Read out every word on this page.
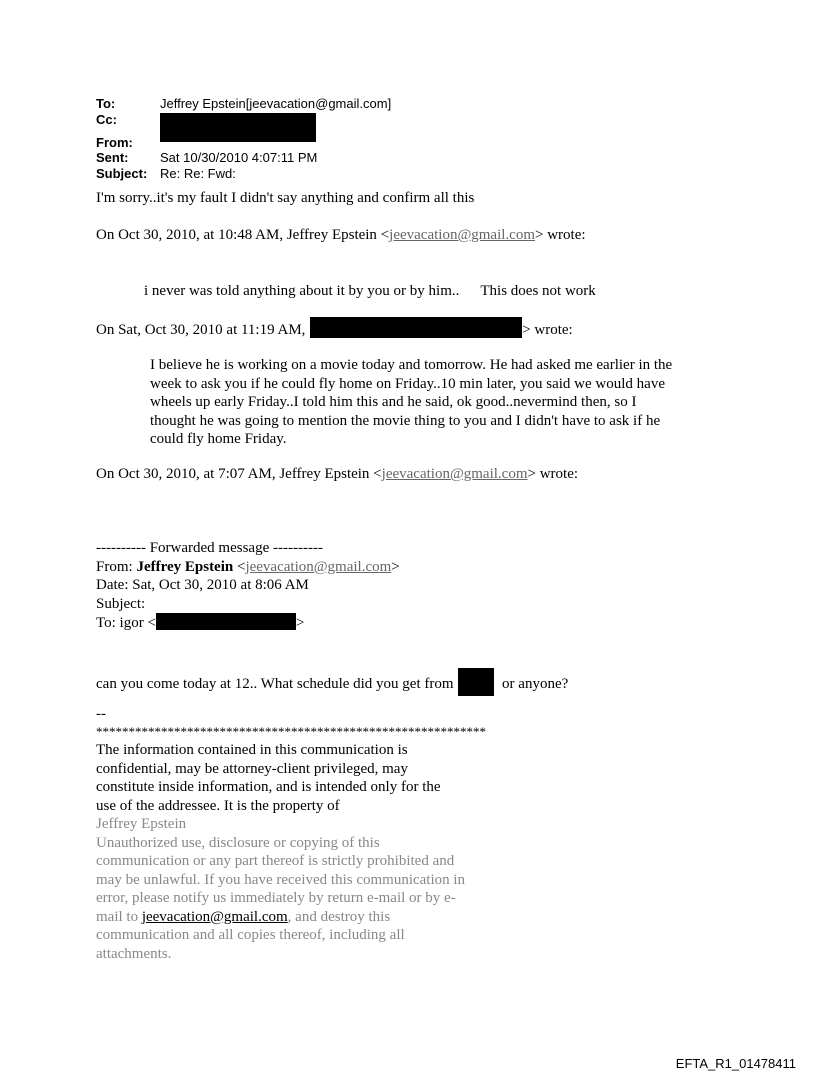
To:	Jeffrey Epstein[jeevacation@gmail.com]
Cc:
From:
Sent:	Sat 10/30/2010 4:07:11 PM
Subject: Re: Re: Fwd:
I'm sorry..it's my fault I didn't say anything and confirm all this
On Oct 30, 2010, at 10:48 AM, Jeffrey Epstein <jeevacation@gmail.com> wrote:
i never was told anything about it by you or by him.. This does not work
On Sat, Oct 30, 2010 at 11:19 AM,	> wrote:
I believe he is working on a movie today and tomorrow. He had asked me earlier in the week to ask you if he could fly home on Friday..10 min later, you said we would have wheels up early Friday..I told him this and he said, ok good..nevermind then, so I thought he was going to mention the movie thing to you and I didn't have to ask if he could fly home Friday.
On Oct 30, 2010, at 7:07 AM, Jeffrey Epstein <jeevacation@gmail.com> wrote:
---------- Forwarded message ----------
From: Jeffrey Epstein <jeevacation@gmail.com>
Date: Sat, Oct 30, 2010 at 8:06 AM
Subject:
To: igor <	>
can you come today at 12.. What schedule did you get from	or anyone?
--
************************************************************
The information contained in this communication is confidential, may be attorney-client privileged, may constitute inside information, and is intended only for the use of the addressee. It is the property of
Jeffrey Epstein
Unauthorized use, disclosure or copying of this communication or any part thereof is strictly prohibited and may be unlawful. If you have received this communication in error, please notify us immediately by return e-mail or by e-mail to jeevacation@gmail.com, and destroy this communication and all copies thereof, including all attachments.
EFTA_R1_01478411
